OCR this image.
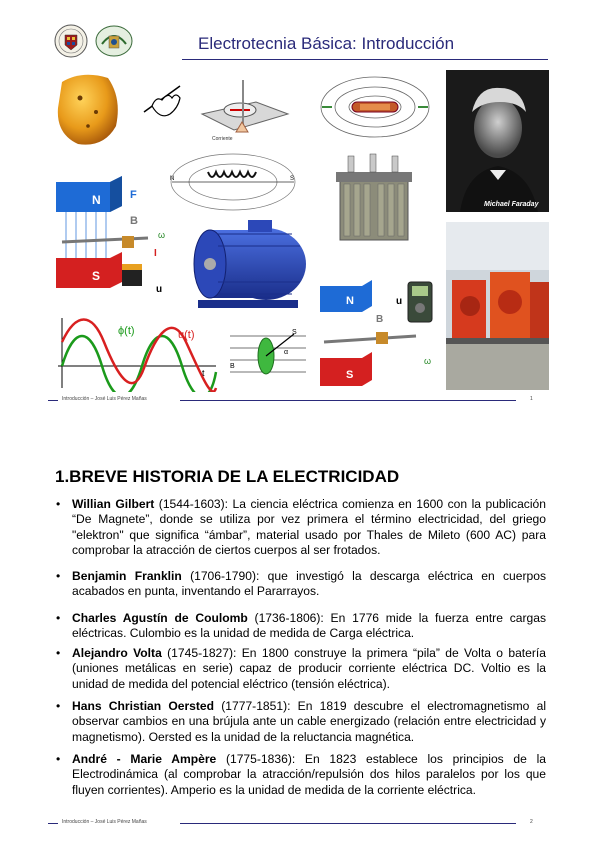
Electrotecnia Básica: Introducción
Corriente
Michael Faraday
N	S
N
S
F
B
I
u
ω
ϕ(t)	u(t)
t
B
S
α
N
S
B
u
ω
Introducción – José Luis Pérez Mañas	1
1.BREVE HISTORIA DE LA ELECTRICIDAD
• Willian Gilbert (1544-1603): La ciencia eléctrica comienza en 1600 con la publicación “De Magnete”, donde se utiliza por vez primera el término electricidad, del griego "elektron" que significa “ámbar”, material usado por Thales de Mileto (600 AC) para comprobar la atracción de ciertos cuerpos al ser frotados.
• Benjamin Franklin (1706-1790): que investigó la descarga eléctrica en cuerpos acabados en punta, inventando el Pararrayos.
• Charles Agustín de Coulomb (1736-1806): En 1776 mide la fuerza entre cargas eléctricas. Culombio es la unidad de medida de Carga eléctrica.
• Alejandro Volta (1745-1827): En 1800 construye la primera “pila” de Volta o batería (uniones metálicas en serie) capaz de producir corriente eléctrica DC. Voltio es la unidad de medida del potencial eléctrico (tensión eléctrica).
• Hans Christian Oersted (1777-1851): En 1819 descubre el electromagnetismo al observar cambios en una brújula ante un cable energizado (relación entre electricidad y magnetismo). Oersted es la unidad de la reluctancia magnética.
• André - Marie Ampère (1775-1836): En 1823 establece los principios de la Electrodinámica (al comprobar la atracción/repulsión dos hilos paralelos por los que fluyen corrientes). Amperio es la unidad de medida de la corriente eléctrica.
Introducción – José Luis Pérez Mañas	2
